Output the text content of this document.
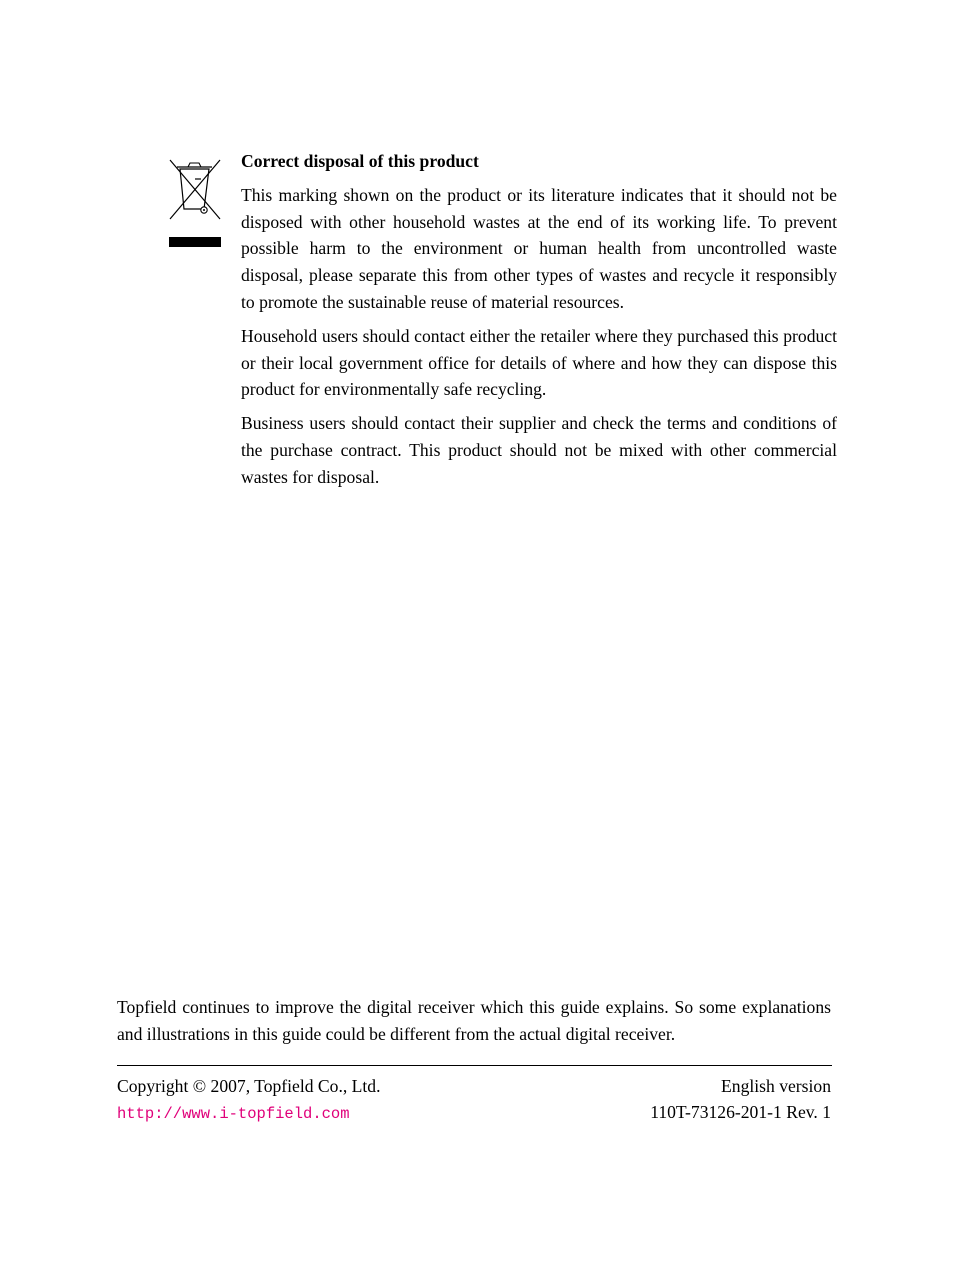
Correct disposal of this product

This marking shown on the product or its literature indicates that it should not be disposed with other household wastes at the end of its working life. To prevent possible harm to the environment or human health from uncontrolled waste disposal, please separate this from other types of wastes and recycle it responsibly to promote the sustainable reuse of material resources.

Household users should contact either the retailer where they purchased this product or their local government office for details of where and how they can dispose this product for environmentally safe recycling.

Business users should contact their supplier and check the terms and conditions of the purchase contract. This product should not be mixed with other commercial wastes for disposal.

Topfield continues to improve the digital receiver which this guide explains. So some explanations and illustrations in this guide could be different from the actual digital receiver.

Copyright © 2007, Topfield Co., Ltd.	English version
http://www.i-topfield.com	110T-73126-201-1 Rev. 1
